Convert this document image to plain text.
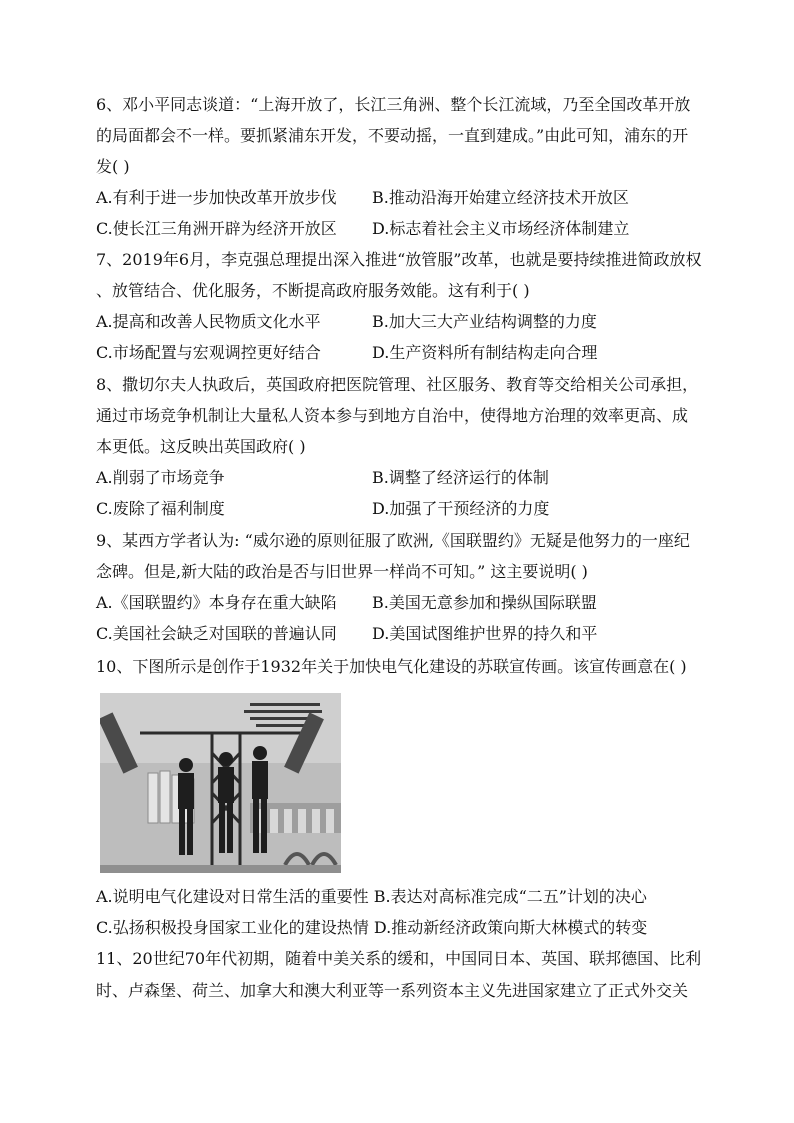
6、邓小平同志谈道：“上海开放了，长江三角洲、整个长江流域，乃至全国改革开放
的局面都会不一样。要抓紧浦东开发，不要动摇，一直到建成。”由此可知，浦东的开
发( )
A.有利于进一步加快改革开放步伐 B.推动沿海开始建立经济技术开放区
C.使长江三角洲开辟为经济开放区 D.标志着社会主义市场经济体制建立
7、2019年6月，李克强总理提出深入推进“放管服”改革，也就是要持续推进简政放权
、放管结合、优化服务，不断提高政府服务效能。这有利于( )
A.提高和改善人民物质文化水平	B.加大三大产业结构调整的力度
C.市场配置与宏观调控更好结合	D.生产资料所有制结构走向合理
8、撒切尔夫人执政后，英国政府把医院管理、社区服务、教育等交给相关公司承担，
通过市场竞争机制让大量私人资本参与到地方自治中，使得地方治理的效率更高、成
本更低。这反映出英国政府( )
A.削弱了市场竞争	B.调整了经济运行的体制
C.废除了福利制度	D.加强了干预经济的力度
9、某西方学者认为: “威尔逊的原则征服了欧洲,《国联盟约》无疑是他努力的一座纪
念碑。但是,新大陆的政治是否与旧世界一样尚不可知。” 这主要说明( )
A.《国联盟约》本身存在重大缺陷 B.美国无意参加和操纵国际联盟
C.美国社会缺乏对国联的普遍认同 D.美国试图维护世界的持久和平
10、下图所示是创作于1932年关于加快电气化建设的苏联宣传画。该宣传画意在( )
A.说明电气化建设对日常生活的重要性 B.表达对高标准完成“二五”计划的决心
C.弘扬积极投身国家工业化的建设热情 D.推动新经济政策向斯大林模式的转变
11、20世纪70年代初期，随着中美关系的缓和，中国同日本、英国、联邦德国、比利
时、卢森堡、荷兰、加拿大和澳大利亚等一系列资本主义先进国家建立了正式外交关
